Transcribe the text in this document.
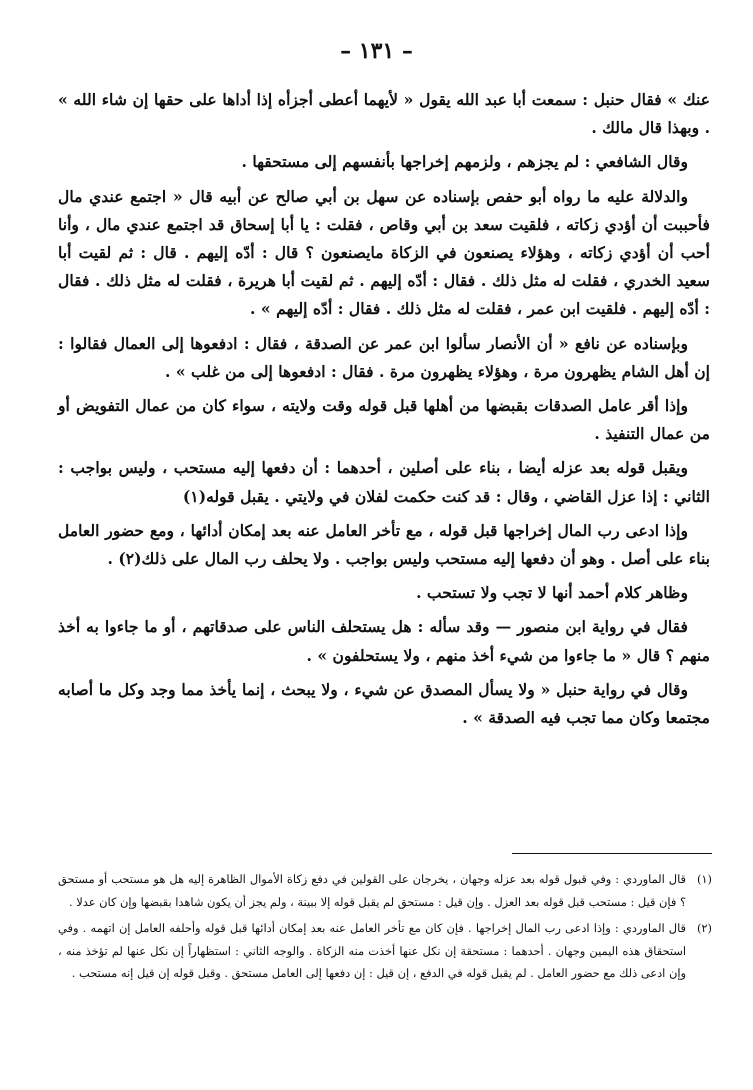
– ١٣١ –

عنك » فقال حنبل : سمعت أبا عبد الله يقول « لأيهما أعطى أجزأه إذا أداها على حقها إن شاء الله » . وبهذا قال مالك .

وقال الشافعي : لم يجزهم ، ولزمهم إخراجها بأنفسهم إلى مستحقها .

والدلالة عليه ما رواه أبو حفص بإسناده عن سهل بن أبي صالح عن أبيه قال « اجتمع عندي مال فأحببت أن أؤدي زكاته ، فلقيت سعد بن أبي وقاص ، فقلت : يا أبا إسحاق قد اجتمع عندي مال ، وأنا أحب أن أؤدي زكاته ، وهؤلاء يصنعون في الزكاة مايصنعون ؟ قال : أدّه إليهم . قال : ثم لقيت أبا سعيد الخدري ، فقلت له مثل ذلك . فقال : أدّه إليهم . ثم لقيت أبا هريرة ، فقلت له مثل ذلك . فقال : أدّه إليهم . فلقيت ابن عمر ، فقلت له مثل ذلك . فقال : أدّه إليهم » .

وبإسناده عن نافع « أن الأنصار سألوا ابن عمر عن الصدقة ، فقال : ادفعوها إلى العمال فقالوا : إن أهل الشام يظهرون مرة ، وهؤلاء يظهرون مرة . فقال : ادفعوها إلى من غلب » .

وإذا أقر عامل الصدقات بقبضها من أهلها قبل قوله وقت ولايته ، سواء كان من عمال التفويض أو من عمال التنفيذ .

ويقبل قوله بعد عزله أيضا ، بناء على أصلين ، أحدهما : أن دفعها إليه مستحب ، وليس بواجب : الثاني : إذا عزل القاضي ، وقال : قد كنت حكمت لفلان في ولايتي . يقبل قوله(١)

وإذا ادعى رب المال إخراجها قبل قوله ، مع تأخر العامل عنه بعد إمكان أدائها ، ومع حضور العامل بناء على أصل . وهو أن دفعها إليه مستحب وليس بواجب . ولا يحلف رب المال على ذلك(٢) .

وظاهر كلام أحمد أنها لا تجب ولا تستحب .

فقال في رواية ابن منصور — وقد سأله : هل يستحلف الناس على صدقاتهم ، أو ما جاءوا به أخذ منهم ؟ قال « ما جاءوا من شيء أخذ منهم ، ولا يستحلفون » .

وقال في رواية حنبل « ولا يسأل المصدق عن شيء ، ولا يبحث ، إنما يأخذ مما وجد وكل ما أصابه مجتمعا وكان مما تجب فيه الصدقة » .

(١)
قال الماوردي : وفي قبول قوله بعد عزله وجهان ، يخرجان على القولين في دفع زكاة الأموال الظاهرة إليه هل هو مستحب أو مستحق ؟ فإن قيل : مستحب قبل قوله بعد العزل . وإن قيل : مستحق لم يقبل قوله إلا ببينة ، ولم يجز أن يكون شاهدا بقبضها وإن كان عدلا .
(٢)
قال الماوردي : وإذا ادعى رب المال إخراجها . فإن كان مع تأخر العامل عنه بعد إمكان أدائها قبل قوله وأحلفه العامل إن اتهمه . وفي استحقاق هذه اليمين وجهان . أحدهما : مستحقة إن نكل عنها أخذت منه الزكاة . والوجه الثاني : استظهاراً إن نكل عنها لم تؤخذ منه ، وإن ادعى ذلك مع حضور العامل . لم يقبل قوله في الدفع ، إن قيل : إن دفعها إلى العامل مستحق . وقبل قوله إن قيل إنه مستحب .
